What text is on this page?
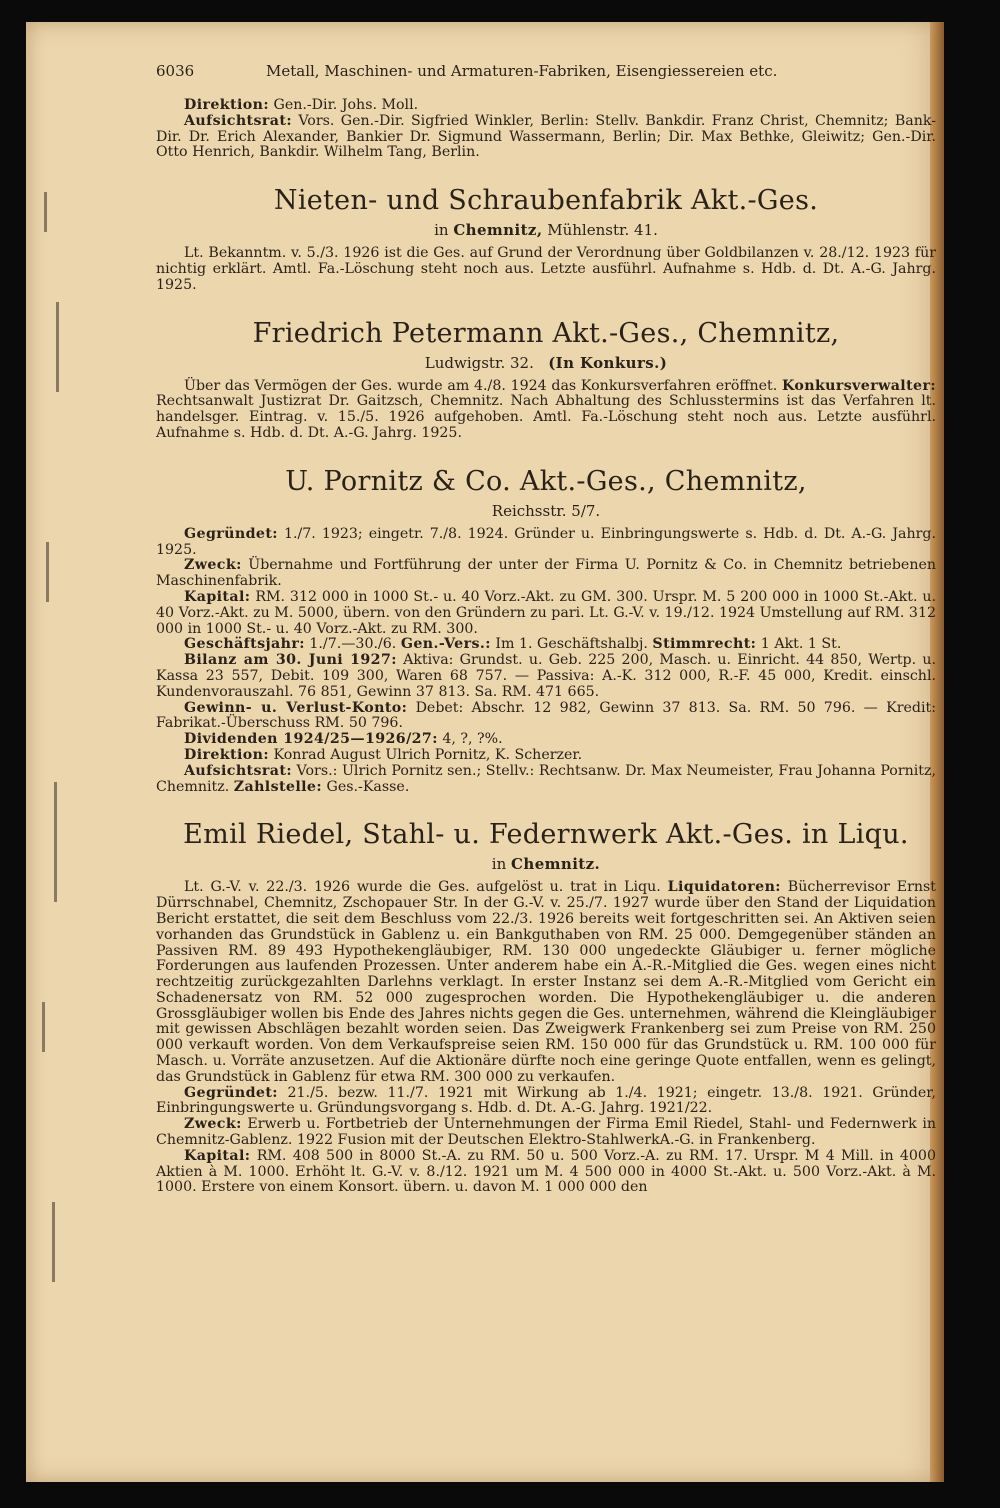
6036	Metall, Maschinen- und Armaturen-Fabriken, Eisengiessereien etc.

Direktion: Gen.-Dir. Johs. Moll.

Aufsichtsrat: Vors. Gen.-Dir. Sigfried Winkler, Berlin: Stellv. Bankdir. Franz Christ, Chemnitz; Bank-Dir. Dr. Erich Alexander, Bankier Dr. Sigmund Wassermann, Berlin; Dir. Max Bethke, Gleiwitz; Gen.-Dir. Otto Henrich, Bankdir. Wilhelm Tang, Berlin.

Nieten- und Schraubenfabrik Akt.-Ges.
in Chemnitz, Mühlenstr. 41.

Lt. Bekanntm. v. 5./3. 1926 ist die Ges. auf Grund der Verordnung über Goldbilanzen v. 28./12. 1923 für nichtig erklärt. Amtl. Fa.-Löschung steht noch aus. Letzte ausführl. Aufnahme s. Hdb. d. Dt. A.-G. Jahrg. 1925.

Friedrich Petermann Akt.-Ges., Chemnitz,
Ludwigstr. 32. (In Konkurs.)

Über das Vermögen der Ges. wurde am 4./8. 1924 das Konkursverfahren eröffnet. Konkursverwalter: Rechtsanwalt Justizrat Dr. Gaitzsch, Chemnitz. Nach Abhaltung des Schlusstermins ist das Verfahren lt. handelsger. Eintrag. v. 15./5. 1926 aufgehoben. Amtl. Fa.-Löschung steht noch aus. Letzte ausführl. Aufnahme s. Hdb. d. Dt. A.-G. Jahrg. 1925.

U. Pornitz & Co. Akt.-Ges., Chemnitz,
Reichsstr. 5/7.

Gegründet: 1./7. 1923; eingetr. 7./8. 1924. Gründer u. Einbringungswerte s. Hdb. d. Dt. A.-G. Jahrg. 1925.

Zweck: Übernahme und Fortführung der unter der Firma U. Pornitz & Co. in Chemnitz betriebenen Maschinenfabrik.

Kapital: RM. 312 000 in 1000 St.- u. 40 Vorz.-Akt. zu GM. 300. Urspr. M. 5 200 000 in 1000 St.-Akt. u. 40 Vorz.-Akt. zu M. 5000, übern. von den Gründern zu pari. Lt. G.-V. v. 19./12. 1924 Umstellung auf RM. 312 000 in 1000 St.- u. 40 Vorz.-Akt. zu RM. 300.

Geschäftsjahr: 1./7.—30./6. Gen.-Vers.: Im 1. Geschäftshalbj. Stimmrecht: 1 Akt. 1 St.

Bilanz am 30. Juni 1927: Aktiva: Grundst. u. Geb. 225 200, Masch. u. Einricht. 44 850, Wertp. u. Kassa 23 557, Debit. 109 300, Waren 68 757. — Passiva: A.-K. 312 000, R.-F. 45 000, Kredit. einschl. Kundenvorauszahl. 76 851, Gewinn 37 813. Sa. RM. 471 665.

Gewinn- u. Verlust-Konto: Debet: Abschr. 12 982, Gewinn 37 813. Sa. RM. 50 796. — Kredit: Fabrikat.-Überschuss RM. 50 796.

Dividenden 1924/25—1926/27: 4, ?, ?%.

Direktion: Konrad August Ulrich Pornitz, K. Scherzer.

Aufsichtsrat: Vors.: Ulrich Pornitz sen.; Stellv.: Rechtsanw. Dr. Max Neumeister, Frau Johanna Pornitz, Chemnitz. Zahlstelle: Ges.-Kasse.

Emil Riedel, Stahl- u. Federnwerk Akt.-Ges. in Liqu.
in Chemnitz.

Lt. G.-V. v. 22./3. 1926 wurde die Ges. aufgelöst u. trat in Liqu. Liquidatoren: Bücherrevisor Ernst Dürrschnabel, Chemnitz, Zschopauer Str. In der G.-V. v. 25./7. 1927 wurde über den Stand der Liquidation Bericht erstattet, die seit dem Beschluss vom 22./3. 1926 bereits weit fortgeschritten sei. An Aktiven seien vorhanden das Grundstück in Gablenz u. ein Bankguthaben von RM. 25 000. Demgegenüber ständen an Passiven RM. 89 493 Hypothekengläubiger, RM. 130 000 ungedeckte Gläubiger u. ferner mögliche Forderungen aus laufenden Prozessen. Unter anderem habe ein A.-R.-Mitglied die Ges. wegen eines nicht rechtzeitig zurückgezahlten Darlehns verklagt. In erster Instanz sei dem A.-R.-Mitglied vom Gericht ein Schadenersatz von RM. 52 000 zugesprochen worden. Die Hypothekengläubiger u. die anderen Grossgläubiger wollen bis Ende des Jahres nichts gegen die Ges. unternehmen, während die Kleingläubiger mit gewissen Abschlägen bezahlt worden seien. Das Zweigwerk Frankenberg sei zum Preise von RM. 250 000 verkauft worden. Von dem Verkaufspreise seien RM. 150 000 für das Grundstück u. RM. 100 000 für Masch. u. Vorräte anzusetzen. Auf die Aktionäre dürfte noch eine geringe Quote entfallen, wenn es gelingt, das Grundstück in Gablenz für etwa RM. 300 000 zu verkaufen.

Gegründet: 21./5. bezw. 11./7. 1921 mit Wirkung ab 1./4. 1921; eingetr. 13./8. 1921. Gründer, Einbringungswerte u. Gründungsvorgang s. Hdb. d. Dt. A.-G. Jahrg. 1921/22.

Zweck: Erwerb u. Fortbetrieb der Unternehmungen der Firma Emil Riedel, Stahl- und Federnwerk in Chemnitz-Gablenz. 1922 Fusion mit der Deutschen Elektro-StahlwerkA.-G. in Frankenberg.

Kapital: RM. 408 500 in 8000 St.-A. zu RM. 50 u. 500 Vorz.-A. zu RM. 17. Urspr. M 4 Mill. in 4000 Aktien à M. 1000. Erhöht lt. G.-V. v. 8./12. 1921 um M. 4 500 000 in 4000 St.-Akt. u. 500 Vorz.-Akt. à M. 1000. Erstere von einem Konsort. übern. u. davon M. 1 000 000 den
